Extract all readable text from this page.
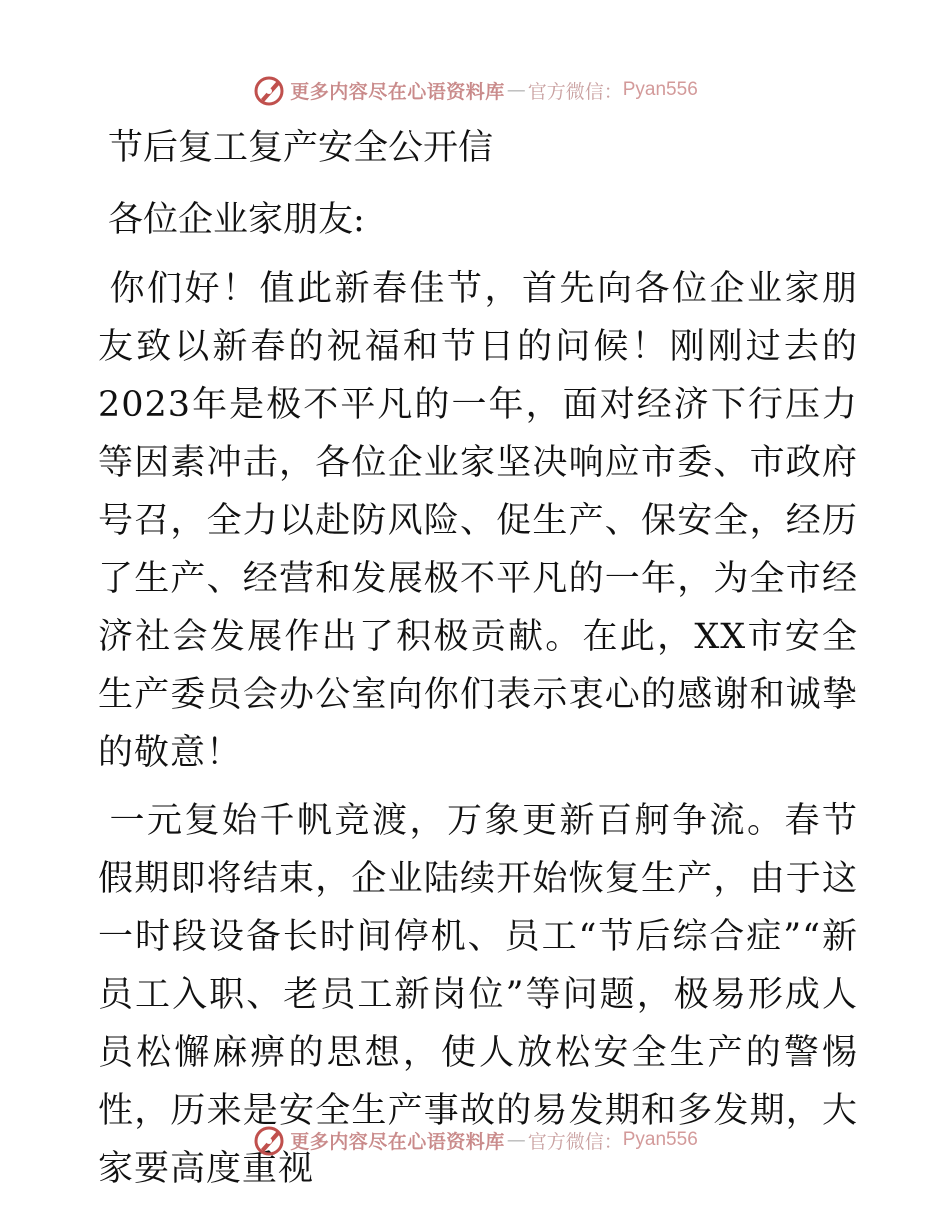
更多内容尽在心语资料库 — 官方微信： Pyan556
节后复工复产安全公开信
各位企业家朋友:

你们好！值此新春佳节，首先向各位企业家朋友致以新春的祝福和节日的问候！刚刚过去的2023年是极不平凡的一年，面对经济下行压力等因素冲击，各位企业家坚决响应市委、市政府号召，全力以赴防风险、促生产、保安全，经历了生产、经营和发展极不平凡的一年，为全市经济社会发展作出了积极贡献。在此，XX市安全生产委员会办公室向你们表示衷心的感谢和诚挚的敬意！

一元复始千帆竞渡，万象更新百舸争流。春节假期即将结束，企业陆续开始恢复生产，由于这一时段设备长时间停机、员工“节后综合症”“新员工入职、老员工新岗位”等问题，极易形成人员松懈麻痹的思想，使人放松安全生产的警惕性，历来是安全生产事故的易发期和多发期，大家要高度重视

更多内容尽在心语资料库 — 官方微信： Pyan556
